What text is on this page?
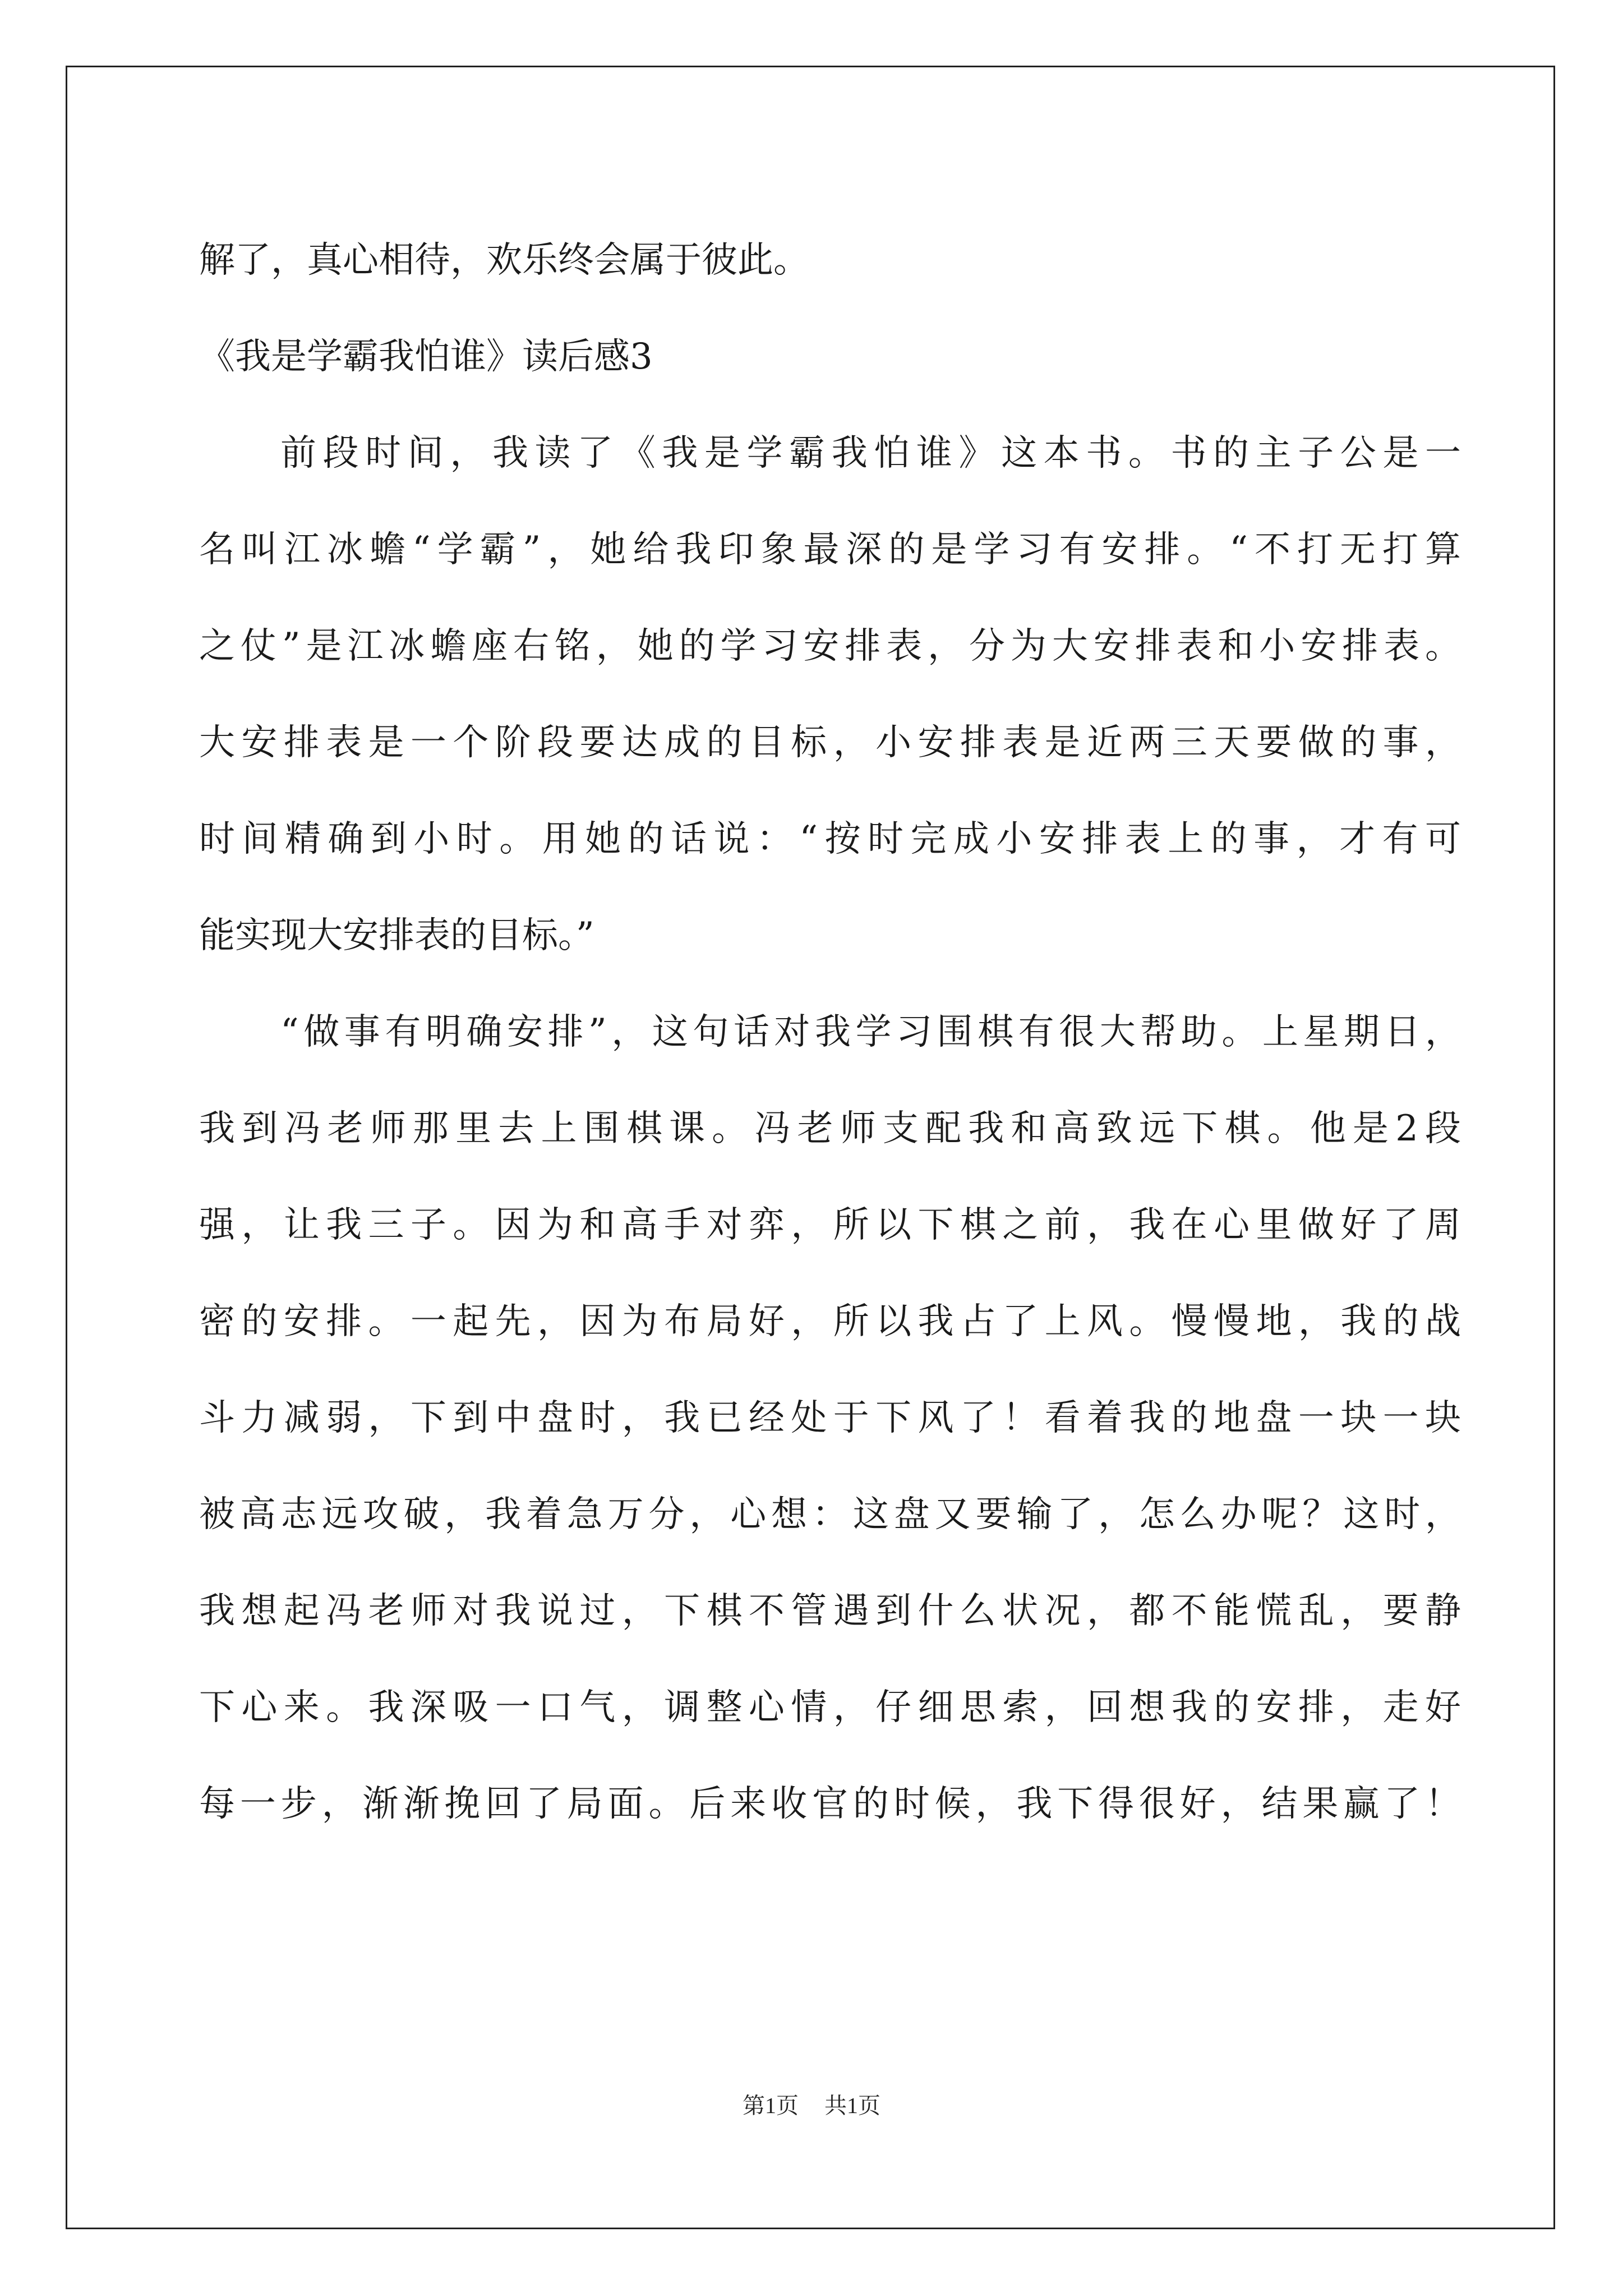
解了，真心相待，欢乐终会属于彼此。
《我是学霸我怕谁》读后感3
前段时间，我读了《我是学霸我怕谁》这本书。书的主子公是一
名叫江冰蟾“学霸”，她给我印象最深的是学习有安排。“不打无打算
之仗”是江冰蟾座右铭，她的学习安排表，分为大安排表和小安排表。
大安排表是一个阶段要达成的目标，小安排表是近两三天要做的事，
时间精确到小时。用她的话说：“按时完成小安排表上的事，才有可
能实现大安排表的目标。”
“做事有明确安排”，这句话对我学习围棋有很大帮助。上星期日，
我到冯老师那里去上围棋课。冯老师支配我和高致远下棋。他是2段
强，让我三子。因为和高手对弈，所以下棋之前，我在心里做好了周
密的安排。一起先，因为布局好，所以我占了上风。慢慢地，我的战
斗力减弱，下到中盘时，我已经处于下风了！看着我的地盘一块一块
被高志远攻破，我着急万分，心想：这盘又要输了，怎么办呢？这时，
我想起冯老师对我说过，下棋不管遇到什么状况，都不能慌乱，要静
下心来。我深吸一口气，调整心情，仔细思索，回想我的安排，走好
每一步，渐渐挽回了局面。后来收官的时候，我下得很好，结果赢了！
第1页 共1页
